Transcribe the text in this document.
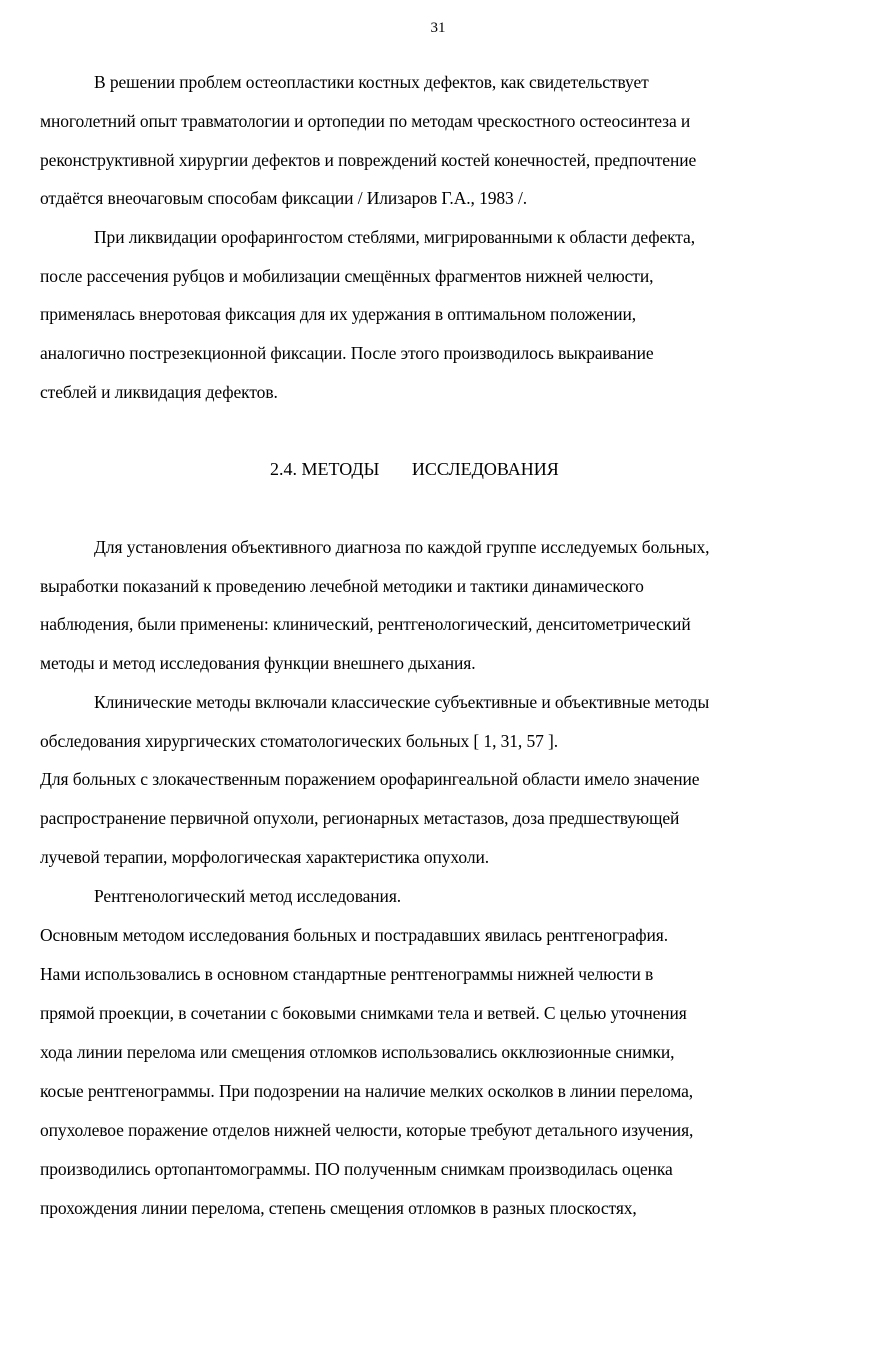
31
В решении проблем остеопластики костных дефектов, как свидетельствует
многолетний опыт травматологии и ортопедии по методам чрескостного остеосинтеза и
реконструктивной хирургии дефектов и повреждений костей конечностей, предпочтение
отдаётся внеочаговым способам фиксации / Илизаров Г.А., 1983 /.
При ликвидации орофарингостом стеблями, мигрированными к области дефекта,
после рассечения рубцов и мобилизации смещённых фрагментов нижней челюсти,
применялась внеротовая фиксация для их удержания в оптимальном положении,
аналогично пострезекционной фиксации. После этого производилось выкраивание
стеблей и ликвидация дефектов.
2.4. МЕТОДЫ ИССЛЕДОВАНИЯ
Для установления объективного диагноза по каждой группе исследуемых больных,
выработки показаний к проведению лечебной методики и тактики динамического
наблюдения, были применены: клинический, рентгенологический, денситометрический
методы и метод исследования функции внешнего дыхания.
Клинические методы включали классические субъективные и объективные методы
обследования хирургических стоматологических больных [ 1, 31, 57 ].
Для больных с злокачественным поражением орофарингеальной области имело значение
распространение первичной опухоли, регионарных метастазов, доза предшествующей
лучевой терапии, морфологическая характеристика опухоли.
Рентгенологический метод исследования.
Основным методом исследования больных и пострадавших явилась рентгенография.
Нами использовались в основном стандартные рентгенограммы нижней челюсти в
прямой проекции, в сочетании с боковыми снимками тела и ветвей. С целью уточнения
хода линии перелома или смещения отломков использовались окклюзионные снимки,
косые рентгенограммы. При подозрении на наличие мелких осколков в линии перелома,
опухолевое поражение отделов нижней челюсти, которые требуют детального изучения,
производились ортопантомограммы. ПО полученным снимкам производилась оценка
прохождения линии перелома, степень смещения отломков в разных плоскостях,
